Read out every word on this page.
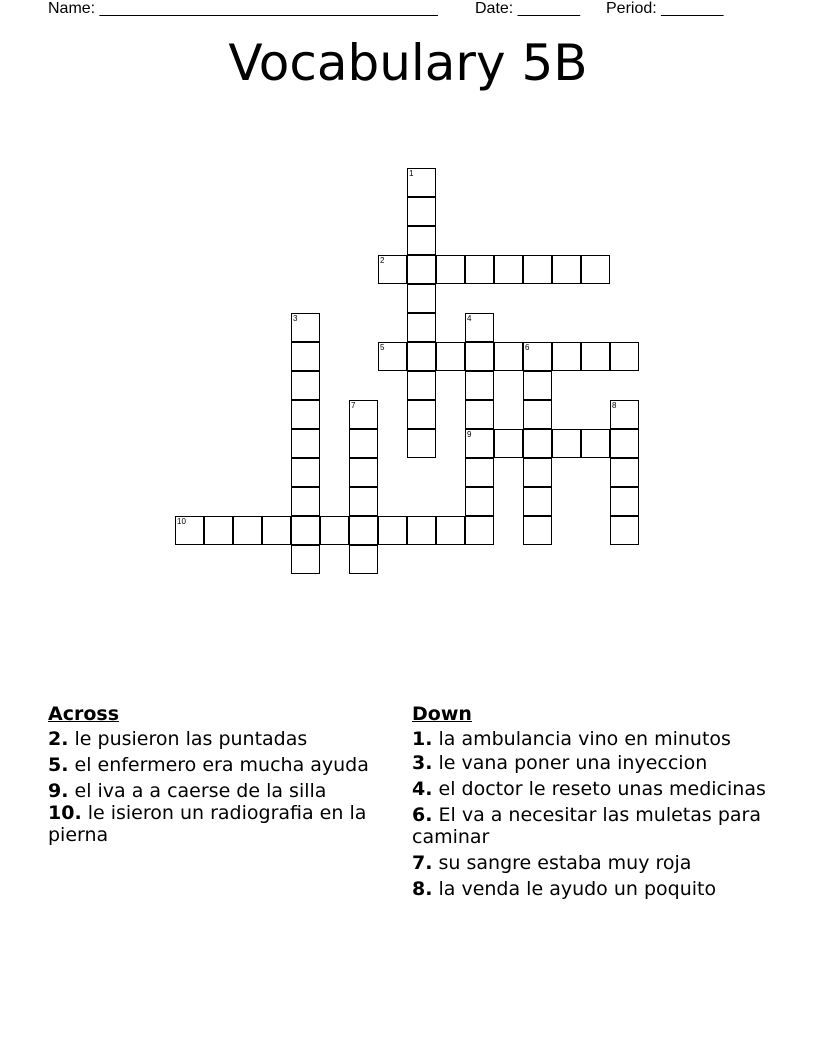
Name: ______________________________________ Date: _______ Period: _______
Vocabulary 5B
1
2
3	4
9
5	6
7	8
10
Across
2. le pusieron las puntadas
5. el enfermero era mucha ayuda
9. el iva a a caerse de la silla
10. le isieron un radiografia en la pierna
Down
1. la ambulancia vino en minutos
3. le vana poner una inyeccion
4. el doctor le reseto unas medicinas
6. El va a necesitar las muletas para caminar
7. su sangre estaba muy roja
8. la venda le ayudo un poquito
